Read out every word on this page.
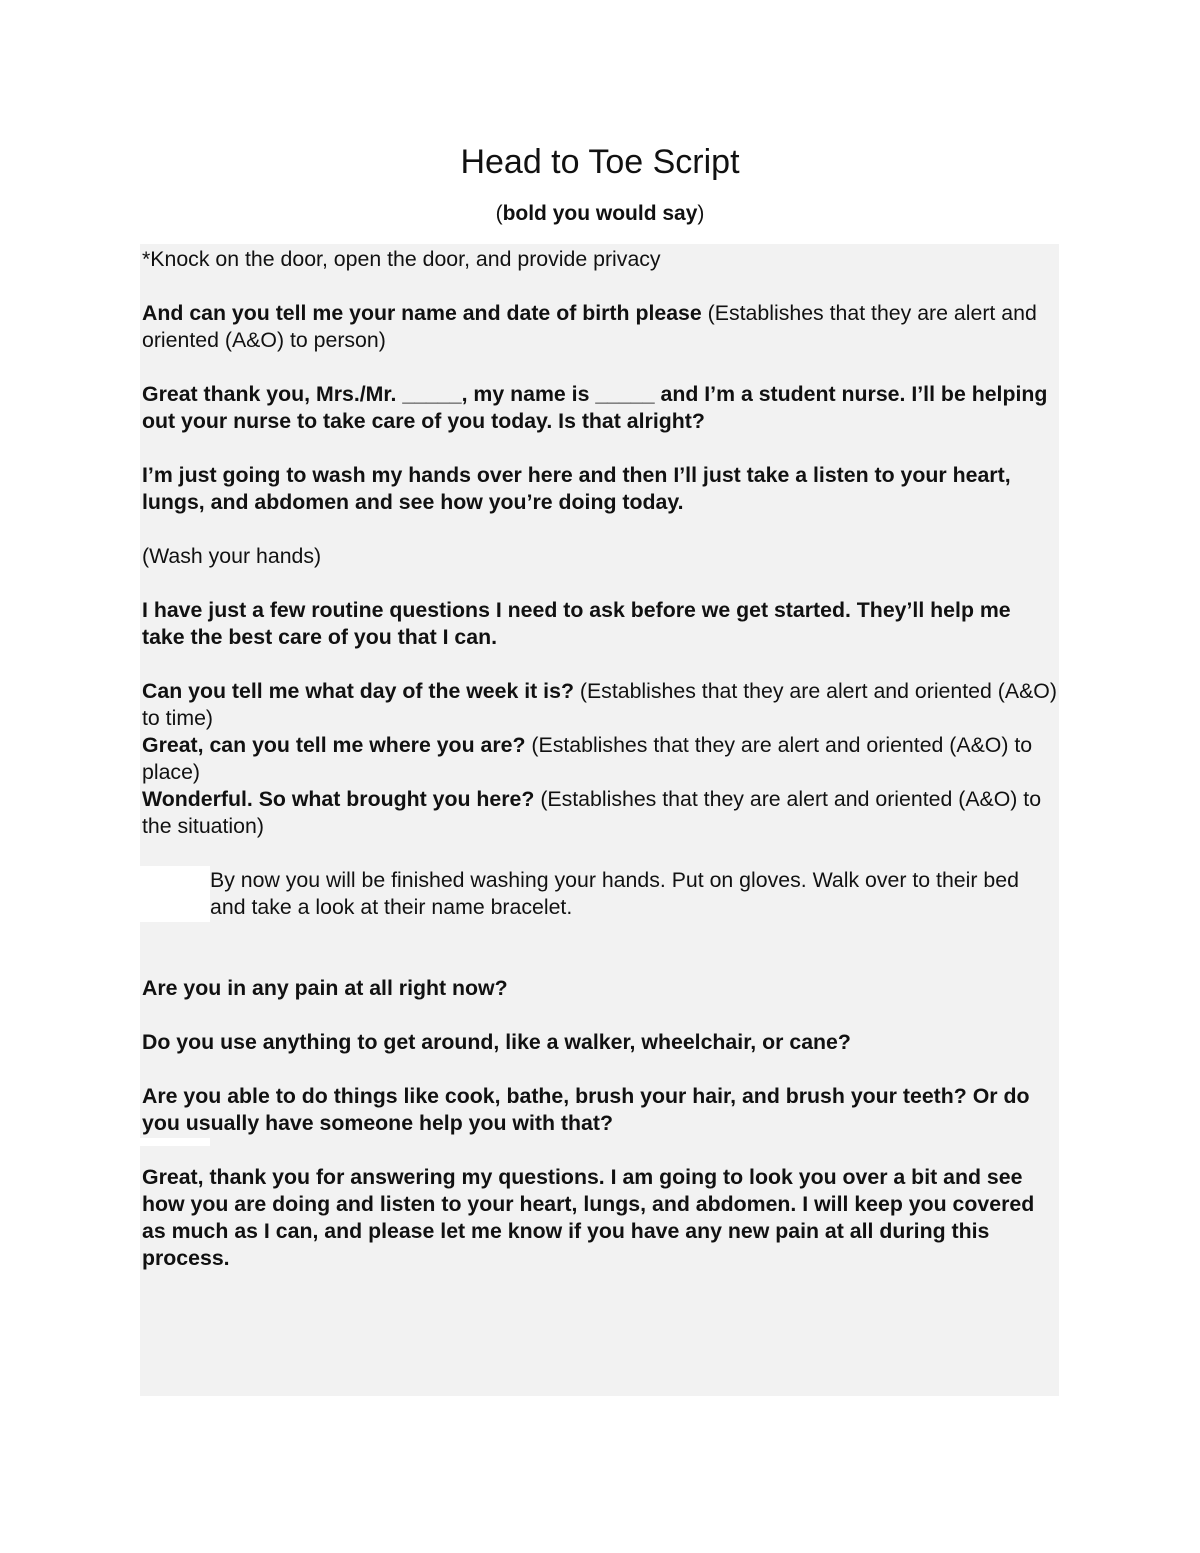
Head to Toe Script
(bold you would say)

*Knock on the door, open the door, and provide privacy

And can you tell me your name and date of birth please (Establishes that they are alert and oriented (A&O) to person)

Great thank you, Mrs./Mr. _____, my name is _____ and I’m a student nurse. I’ll be helping out your nurse to take care of you today. Is that alright?

I’m just going to wash my hands over here and then I’ll just take a listen to your heart, lungs, and abdomen and see how you’re doing today.

(Wash your hands)

I have just a few routine questions I need to ask before we get started. They’ll help me take the best care of you that I can.

Can you tell me what day of the week it is? (Establishes that they are alert and oriented (A&O) to time)

Great, can you tell me where you are? (Establishes that they are alert and oriented (A&O) to place)

Wonderful. So what brought you here? (Establishes that they are alert and oriented (A&O) to the situation)

By now you will be finished washing your hands. Put on gloves. Walk over to their bed and take a look at their name bracelet.

Are you in any pain at all right now?

Do you use anything to get around, like a walker, wheelchair, or cane?

Are you able to do things like cook, bathe, brush your hair, and brush your teeth? Or do you usually have someone help you with that?

Great, thank you for answering my questions. I am going to look you over a bit and see how you are doing and listen to your heart, lungs, and abdomen. I will keep you covered as much as I can, and please let me know if you have any new pain at all during this process.
